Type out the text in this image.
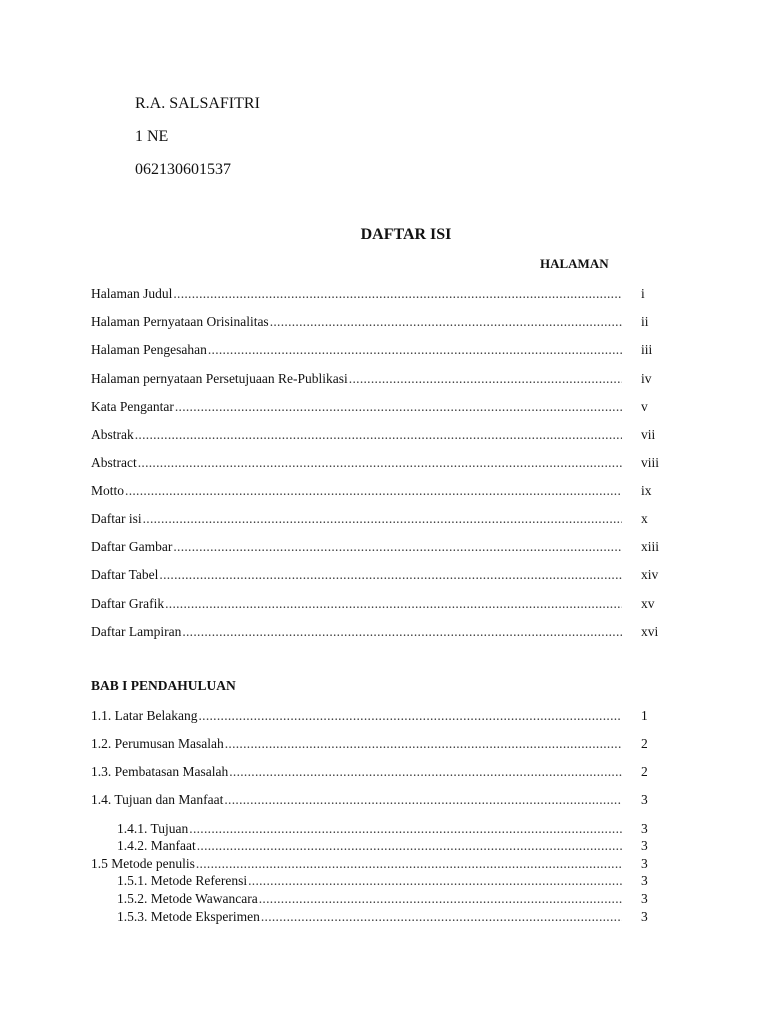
R.A. SALSAFITRI
1 NE
062130601537
DAFTAR ISI
HALAMAN
Halaman Judul .....	i
Halaman Pernyataan Orisinalitas .....	ii
Halaman Pengesahan .....	iii
Halaman pernyataan Persetujuaan Re-Publikasi .....	iv
Kata Pengantar .....	v
Abstrak .....	vii
Abstract .....	viii
Motto .....	ix
Daftar isi .....	x
Daftar Gambar .....	xiii
Daftar Tabel .....	xiv
Daftar Grafik .....	xv
Daftar Lampiran .....	xvi
BAB I PENDAHULUAN
1.1. Latar Belakang .....	1
1.2. Perumusan Masalah .....	2
1.3. Pembatasan Masalah .....	2
1.4. Tujuan dan Manfaat .....	3
1.4.1. Tujuan .....	3
1.4.2. Manfaat .....	3
1.5 Metode penulis .....	3
1.5.1. Metode Referensi .....	3
1.5.2. Metode Wawancara .....	3
1.5.3. Metode Eksperimen .....	3
